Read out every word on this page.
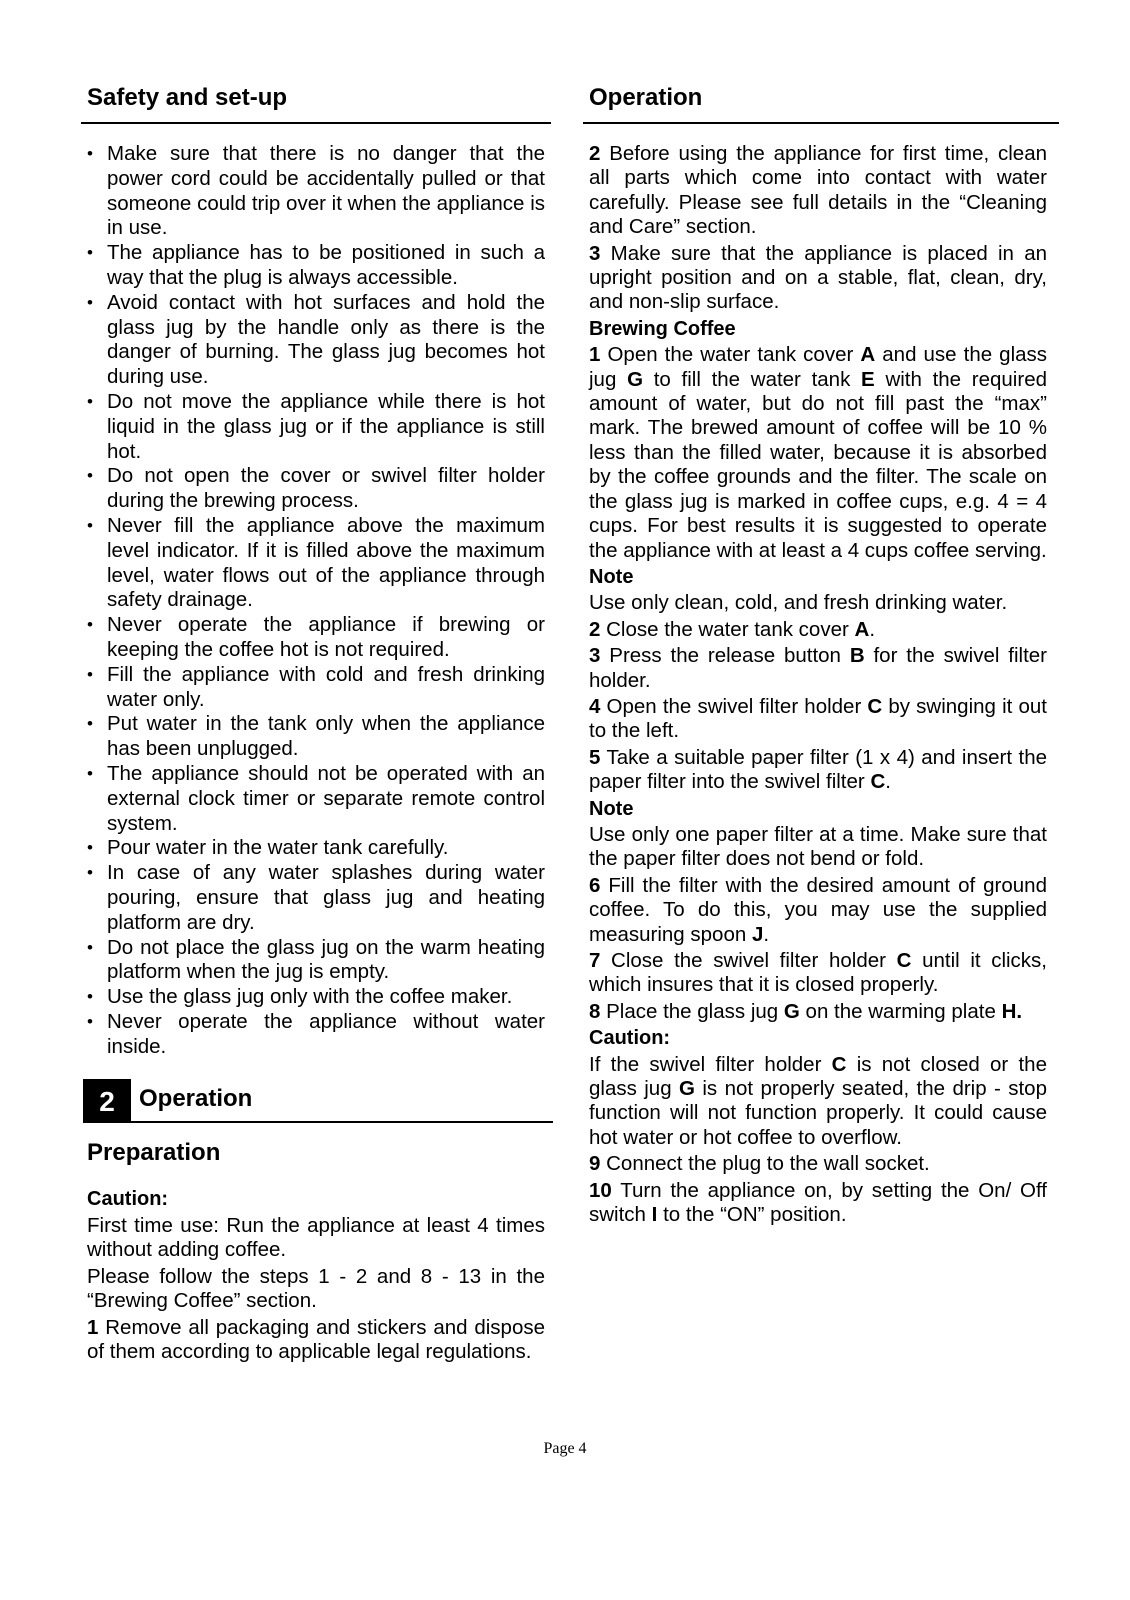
Safety and set-up
• Make sure that there is no danger that the power cord could be accidentally pulled or that someone could trip over it when the appliance is in use.
• The appliance has to be positioned in such a way that the plug is always accessible.
• Avoid contact with hot surfaces and hold the glass jug by the handle only as there is the danger of burning. The glass jug becomes hot during use.
• Do not move the appliance while there is hot liquid in the glass jug or if the appliance is still hot.
• Do not open the cover or swivel filter holder during the brewing process.
• Never fill the appliance above the maximum level indicator. If it is filled above the maximum level, water flows out of the appliance through safety drainage.
• Never operate the appliance if brewing or keeping the coffee hot is not required.
• Fill the appliance with cold and fresh drinking water only.
• Put water in the tank only when the appliance has been unplugged.
• The appliance should not be operated with an external clock timer or separate remote control system.
• Pour water in the water tank carefully.
• In case of any water splashes during water pouring, ensure that glass jug and heating platform are dry.
• Do not place the glass jug on the warm heating platform when the jug is empty.
• Use the glass jug only with the coffee maker.
• Never operate the appliance without water inside.
2	Operation
Preparation
Caution:

First time use: Run the appliance at least 4 times without adding coffee.

Please follow the steps 1 - 2 and 8 - 13 in the “Brewing Coffee” section.

1 Remove all packaging and stickers and dispose of them according to applicable legal regulations.

Operation

2 Before using the appliance for first time, clean all parts which come into contact with water carefully. Please see full details in the “Cleaning and Care” section.

3 Make sure that the appliance is placed in an upright position and on a stable, flat, clean, dry, and non-slip surface.

Brewing Coffee

1 Open the water tank cover A and use the glass jug G to fill the water tank E with the required amount of water, but do not fill past the “max” mark. The brewed amount of coffee will be 10 % less than the filled water, because it is absorbed by the coffee grounds and the filter. The scale on the glass jug is marked in coffee cups, e.g. 4 = 4 cups. For best results it is suggested to operate the appliance with at least a 4 cups coffee serving.

Note

Use only clean, cold, and fresh drinking water.

2 Close the water tank cover A.

3 Press the release button B for the swivel filter holder.

4 Open the swivel filter holder C by swinging it out to the left.

5 Take a suitable paper filter (1 x 4) and insert the paper filter into the swivel filter C.

Note

Use only one paper filter at a time. Make sure that the paper filter does not bend or fold.

6 Fill the filter with the desired amount of ground coffee. To do this, you may use the supplied measuring spoon J.

7 Close the swivel filter holder C until it clicks, which insures that it is closed properly.

8 Place the glass jug G on the warming plate H.

Caution:

If the swivel filter holder C is not closed or the glass jug G is not properly seated, the drip - stop function will not function properly. It could cause hot water or hot coffee to overflow.

9 Connect the plug to the wall socket.

10 Turn the appliance on, by setting the On/ Off switch I to the “ON” position.

Page 4
